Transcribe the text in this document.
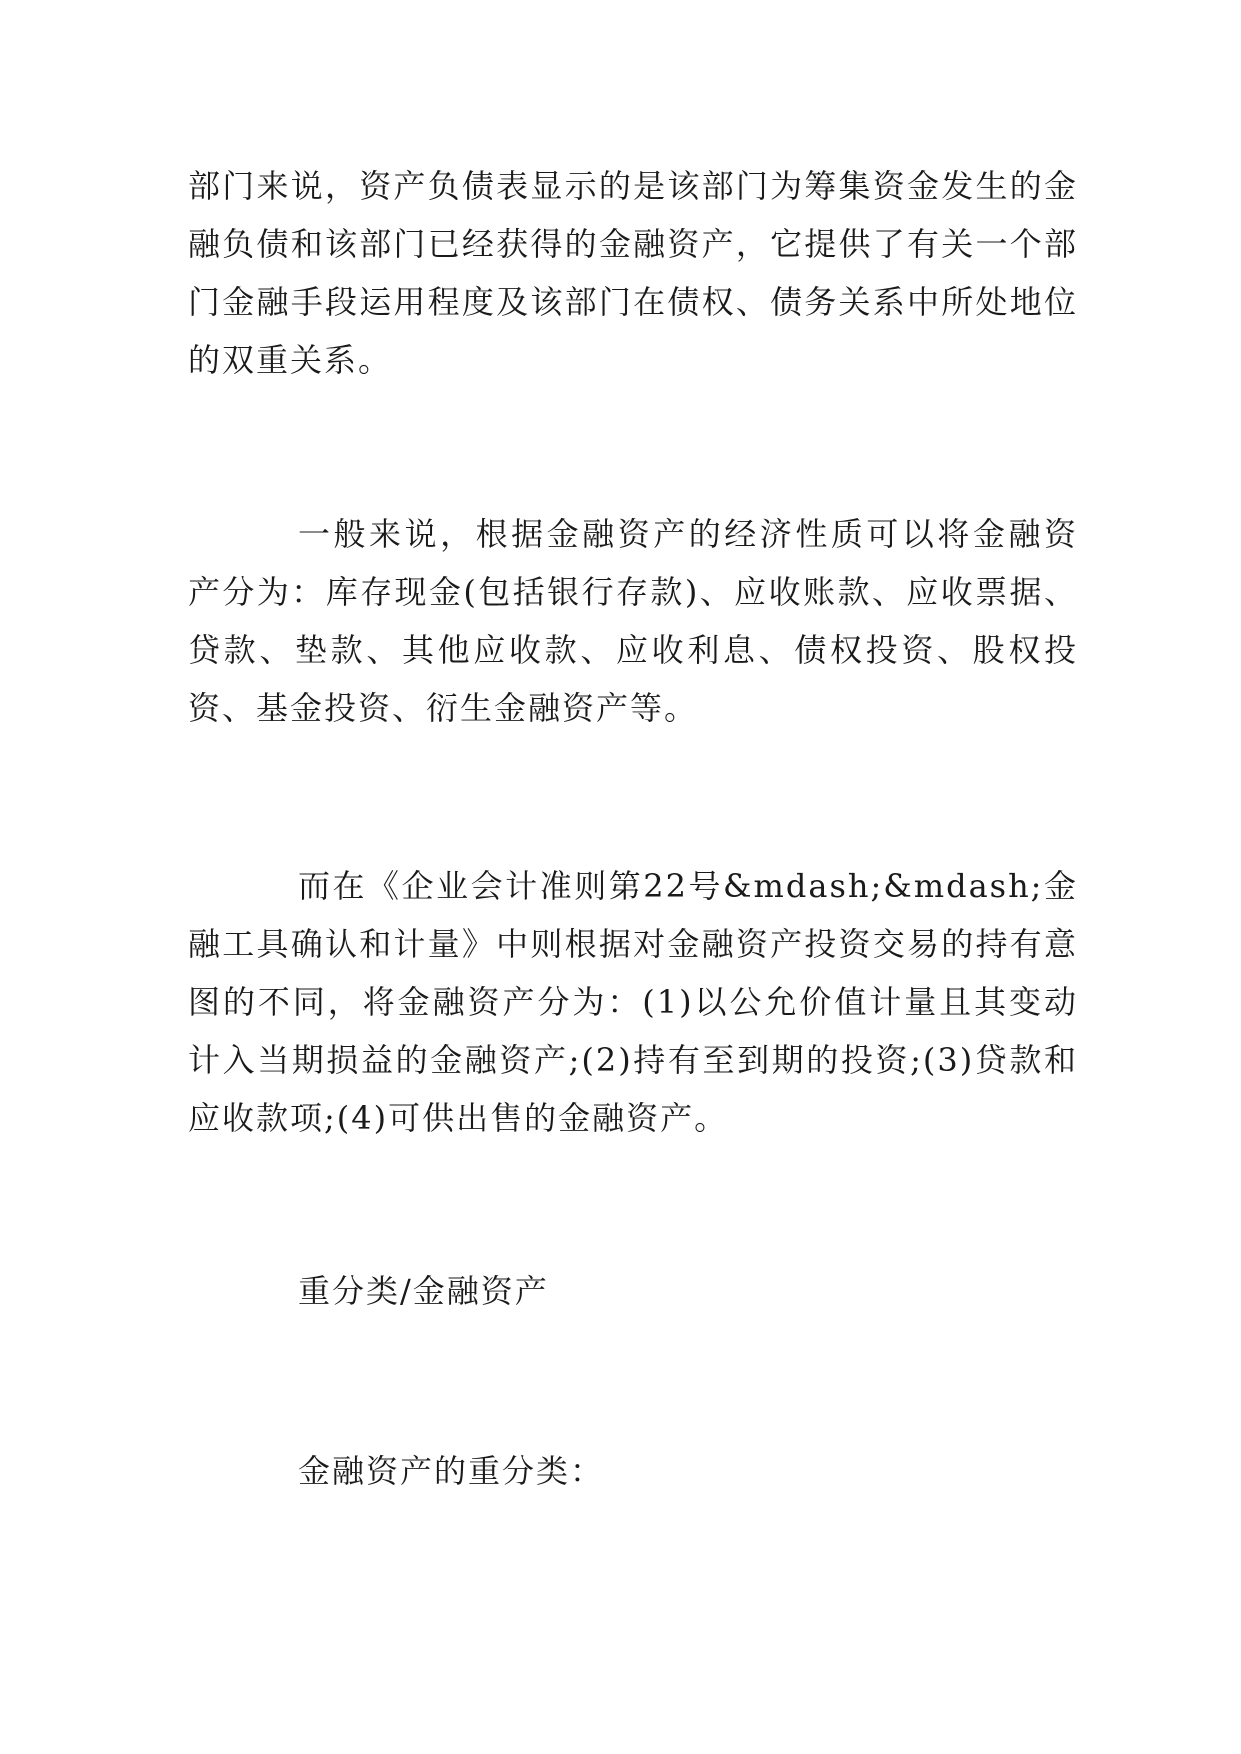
部门来说，资产负债表显示的是该部门为筹集资金发生的金融负债和该部门已经获得的金融资产，它提供了有关一个部门金融手段运用程度及该部门在债权、债务关系中所处地位的双重关系。

一般来说，根据金融资产的经济性质可以将金融资产分为：库存现金(包括银行存款)、应收账款、应收票据、贷款、垫款、其他应收款、应收利息、债权投资、股权投资、基金投资、衍生金融资产等。

而在《企业会计准则第22号&mdash;&mdash;金融工具确认和计量》中则根据对金融资产投资交易的持有意图的不同，将金融资产分为：(1)以公允价值计量且其变动计入当期损益的金融资产;(2)持有至到期的投资;(3)贷款和应收款项;(4)可供出售的金融资产。

重分类/金融资产

金融资产的重分类：
